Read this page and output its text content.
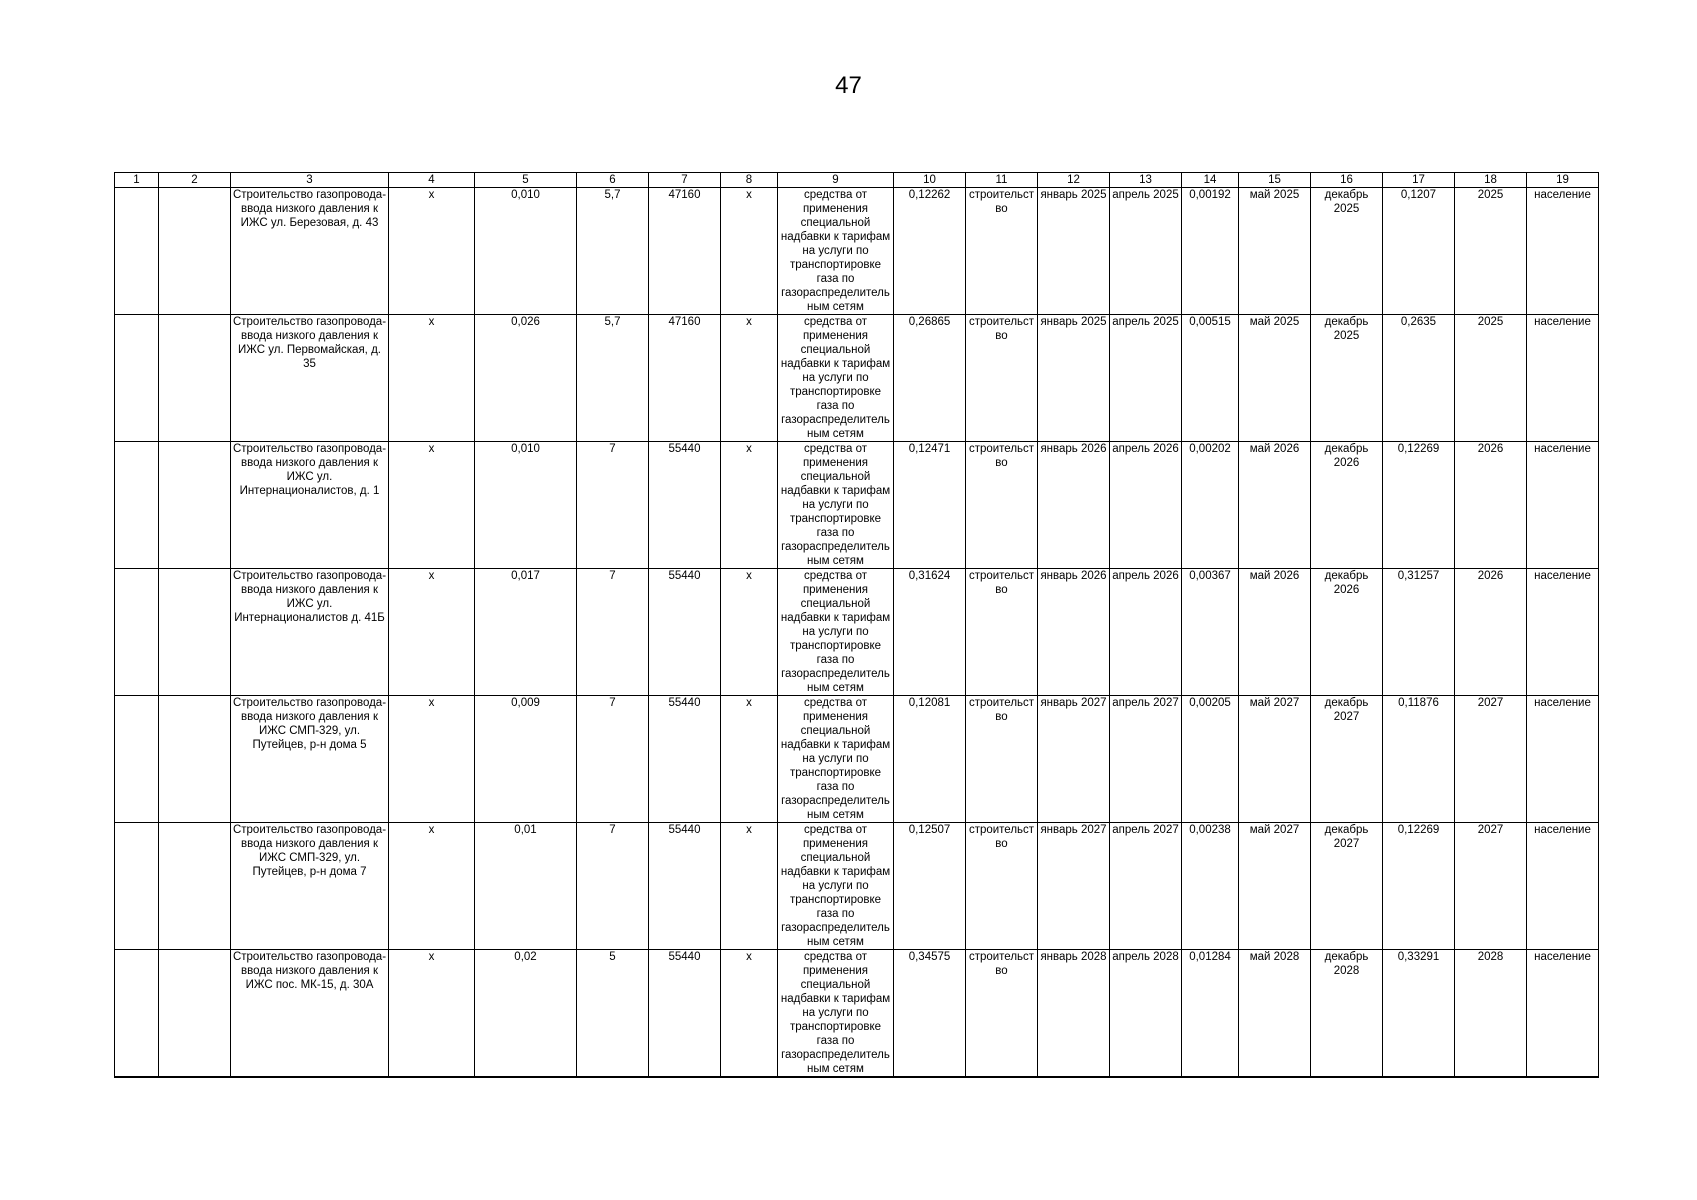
47
1	2	3	4	5	6	7	8	9	10	11	12	13	14	15	16	17	18	19
		Строительство газопровода-ввода низкого давления к ИЖС ул. Березовая, д. 43	х	0,010	5,7	47160	х	средства от применения специальной надбавки к тарифам на услуги по транспортировке газа по газораспределительным сетям	0,12262	строительство	январь 2025	апрель 2025	0,00192	май 2025	декабрь 2025	0,1207	2025	население
		Строительство газопровода-ввода низкого давления к ИЖС ул. Первомайская, д. 35	х	0,026	5,7	47160	х	средства от применения специальной надбавки к тарифам на услуги по транспортировке газа по газораспределительным сетям	0,26865	строительство	январь 2025	апрель 2025	0,00515	май 2025	декабрь 2025	0,2635	2025	население
		Строительство газопровода-ввода низкого давления к ИЖС ул. Интернационалистов, д. 1	х	0,010	7	55440	х	средства от применения специальной надбавки к тарифам на услуги по транспортировке газа по газораспределительным сетям	0,12471	строительство	январь 2026	апрель 2026	0,00202	май 2026	декабрь 2026	0,12269	2026	население
		Строительство газопровода-ввода низкого давления к ИЖС ул. Интернационалистов д. 41Б	х	0,017	7	55440	х	средства от применения специальной надбавки к тарифам на услуги по транспортировке газа по газораспределительным сетям	0,31624	строительство	январь 2026	апрель 2026	0,00367	май 2026	декабрь 2026	0,31257	2026	население
		Строительство газопровода-ввода низкого давления к ИЖС СМП-329, ул. Путейцев, р-н дома 5	х	0,009	7	55440	х	средства от применения специальной надбавки к тарифам на услуги по транспортировке газа по газораспределительным сетям	0,12081	строительство	январь 2027	апрель 2027	0,00205	май 2027	декабрь 2027	0,11876	2027	население
		Строительство газопровода-ввода низкого давления к ИЖС СМП-329, ул. Путейцев, р-н дома 7	х	0,01	7	55440	х	средства от применения специальной надбавки к тарифам на услуги по транспортировке газа по газораспределительным сетям	0,12507	строительство	январь 2027	апрель 2027	0,00238	май 2027	декабрь 2027	0,12269	2027	население
		Строительство газопровода-ввода низкого давления к ИЖС пос. МК-15, д. 30А	х	0,02	5	55440	х	средства от применения специальной надбавки к тарифам на услуги по транспортировке газа по газораспределительным сетям	0,34575	строительство	январь 2028	апрель 2028	0,01284	май 2028	декабрь 2028	0,33291	2028	население
